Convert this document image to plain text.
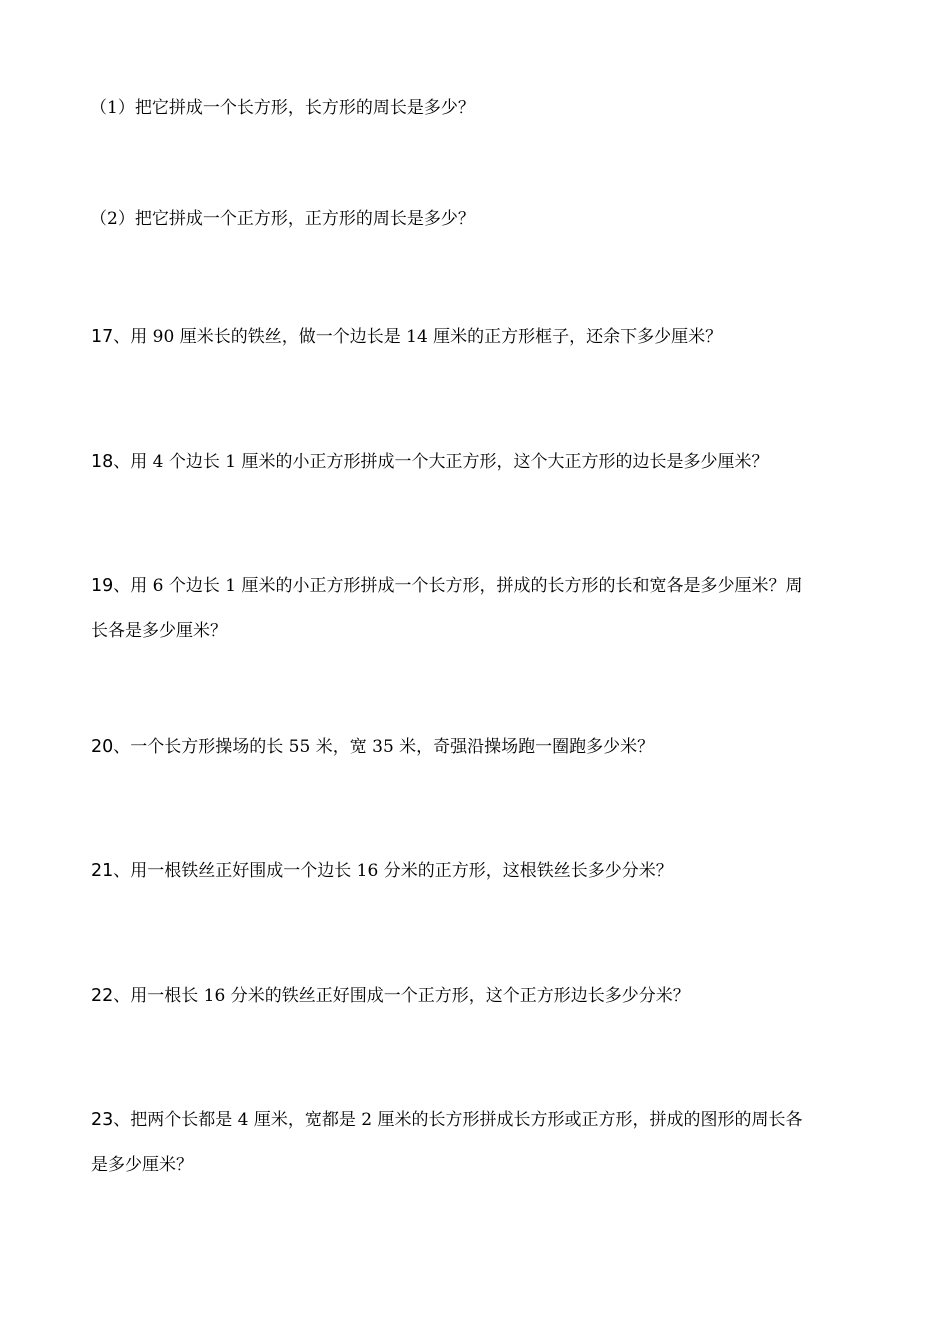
（1）把它拼成一个长方形，长方形的周长是多少？
（2）把它拼成一个正方形，正方形的周长是多少？
17、用 90 厘米长的铁丝，做一个边长是 14 厘米的正方形框子，还余下多少厘米？
18、用 4 个边长 1 厘米的小正方形拼成一个大正方形，这个大正方形的边长是多少厘米？
19、用 6 个边长 1 厘米的小正方形拼成一个长方形，拼成的长方形的长和宽各是多少厘米？周
长各是多少厘米？
20、一个长方形操场的长 55 米，宽 35 米，奇强沿操场跑一圈跑多少米？
21、用一根铁丝正好围成一个边长 16 分米的正方形，这根铁丝长多少分米？
22、用一根长 16 分米的铁丝正好围成一个正方形，这个正方形边长多少分米？
23、把两个长都是 4 厘米，宽都是 2 厘米的长方形拼成长方形或正方形，拼成的图形的周长各
是多少厘米？
